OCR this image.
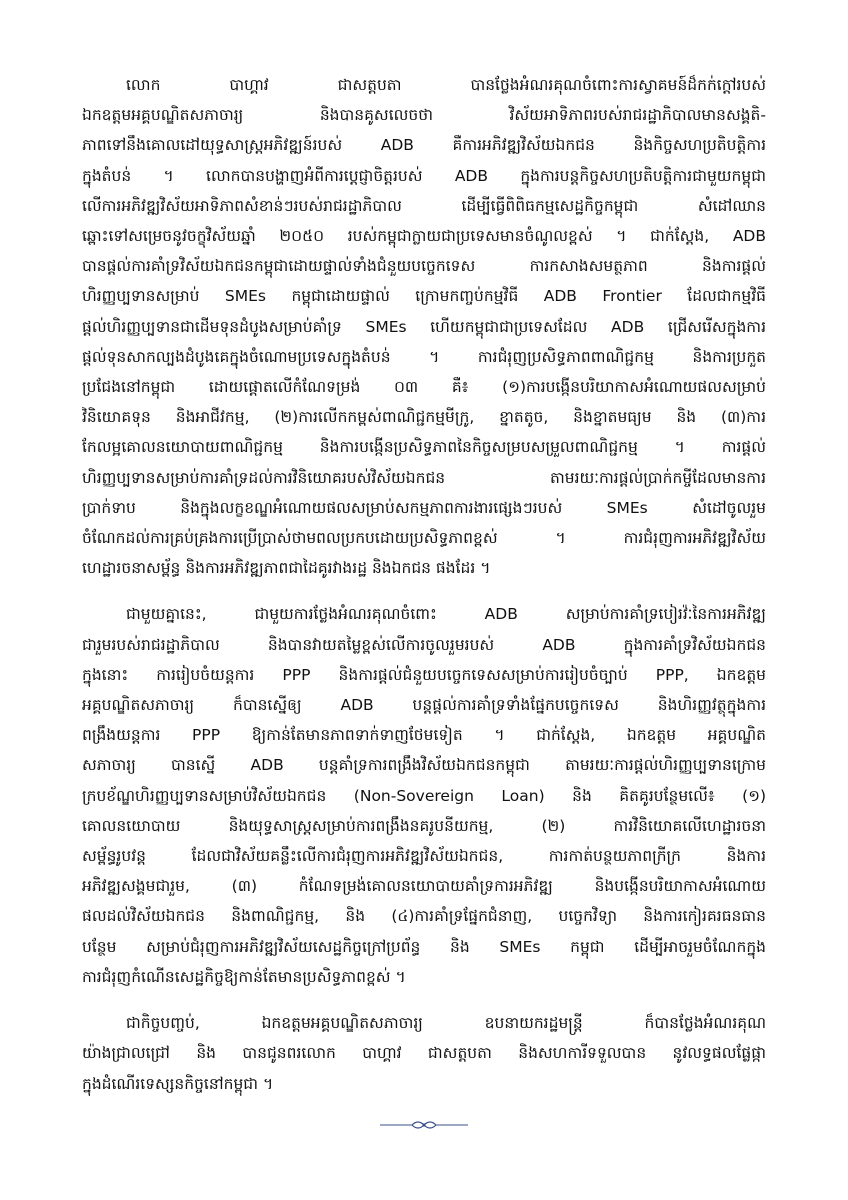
លោក បាហ្គាវ ជាសត្តបតា បានថ្លែងអំណរគុណចំពោះការស្វាគមន៍ដ៏កក់ក្តៅរបស់
ឯកឧត្តមអគ្គបណ្ឌិតសភាចារ្យ និងបានគូសលេចថា វិស័យអាទិភាពរបស់រាជរដ្ឋាភិបាលមានសង្គតិ-
ភាពទៅនឹងគោលដៅយុទ្ធសាស្ត្រអភិវឌ្ឍន៍របស់ ADB គឺការអភិវឌ្ឍវិស័យឯកជន និងកិច្ចសហប្រតិបត្តិការ
ក្នុងតំបន់ ។ លោកបានបង្ហាញអំពីការប្តេជ្ញាចិត្តរបស់ ADB ក្នុងការបន្តកិច្ចសហប្រតិបត្តិការជាមួយកម្ពុជា
លើការអភិវឌ្ឍវិស័យអាទិភាពសំខាន់ៗរបស់រាជរដ្ឋាភិបាល ដើម្បីធ្វើពិពិធកម្មសេដ្ឋកិច្ចកម្ពុជា សំដៅឈាន
ឆ្ពោះទៅសម្រេចនូវចក្ខុវិស័យឆ្នាំ ២០៥០ របស់កម្ពុជាក្លាយជាប្រទេសមានចំណូលខ្ពស់ ។ ជាក់ស្តែង, ADB
បានផ្តល់ការគាំទ្រវិស័យឯកជនកម្ពុជាដោយផ្ទាល់ទាំងជំនួយបច្ចេកទេស ការកសាងសមត្ថភាព និងការផ្តល់
ហិរញ្ញប្បទានសម្រាប់ SMEs កម្ពុជាដោយផ្ទាល់ ក្រោមកញ្ចប់កម្មវិធី ADB Frontier ដែលជាកម្មវិធី
ផ្តល់ហិរញ្ញប្បទានជាដើមទុនដំបូងសម្រាប់គាំទ្រ SMEs ហើយកម្ពុជាជាប្រទេសដែល ADB ជ្រើសរើសក្នុងការ
ផ្តល់ទុនសាកល្បងដំបូងគេក្នុងចំណោមប្រទេសក្នុងតំបន់ ។ ការជំរុញប្រសិទ្ធភាពពាណិជ្ជកម្ម និងការប្រកួត
ប្រជែងនៅកម្ពុជា ដោយផ្តោតលើកំណែទម្រង់ ០៣ គឺ៖ (១)ការបង្កើនបរិយាកាសអំណោយផលសម្រាប់
វិនិយោគទុន និងអាជីវកម្ម, (២)ការលើកកម្ពស់ពាណិជ្ជកម្មមីក្រូ, ខ្នាតតូច, និងខ្នាតមធ្យម និង (៣)ការ
កែលម្អគោលនយោបាយពាណិជ្ជកម្ម និងការបង្កើនប្រសិទ្ធភាពនៃកិច្ចសម្របសម្រួលពាណិជ្ជកម្ម ។ ការផ្តល់
ហិរញ្ញប្បទានសម្រាប់ការគាំទ្រដល់ការវិនិយោគរបស់វិស័យឯកជន តាមរយៈការផ្តល់ប្រាក់កម្ចីដែលមានការ
ប្រាក់ទាប និងក្នុងលក្ខខណ្ឌអំណោយផលសម្រាប់សកម្មភាពការងារផ្សេងៗរបស់ SMEs សំដៅចូលរួម
ចំណែកដល់ការគ្រប់គ្រងការប្រើប្រាស់ថាមពលប្រកបដោយប្រសិទ្ធភាពខ្ពស់ ។ ការជំរុញការអភិវឌ្ឍវិស័យ
ហេដ្ឋារចនាសម្ព័ន្ធ និងការអភិវឌ្ឍភាពជាដៃគូរវាងរដ្ឋ និងឯកជន ផងដែរ ។
ជាមួយគ្នានេះ, ជាមួយការថ្លែងអំណរគុណចំពោះ ADB សម្រាប់ការគាំទ្របៀរវ៉ៈនៃការអភិវឌ្ឍ
ជារួមរបស់រាជរដ្ឋាភិបាល និងបានវាយតម្លៃខ្ពស់លើការចូលរួមរបស់ ADB ក្នុងការគាំទ្រវិស័យឯកជន
ក្នុងនោះ ការរៀបចំយន្តការ PPP និងការផ្តល់ជំនួយបច្ចេកទេសសម្រាប់ការរៀបចំច្បាប់ PPP, ឯកឧត្តម
អគ្គបណ្ឌិតសភាចារ្យ ក៏បានស្នើឲ្យ ADB បន្តផ្តល់ការគាំទ្រទាំងផ្នែកបច្ចេកទេស និងហិរញ្ញវត្ថុក្នុងការ
ពង្រឹងយន្តការ PPP ឱ្យកាន់តែមានភាពទាក់ទាញថែមទៀត ។ ជាក់ស្តែង, ឯកឧត្តម អគ្គបណ្ឌិត
សភាចារ្យ បានស្នើ ADB បន្តគាំទ្រការពង្រឹងវិស័យឯកជនកម្ពុជា តាមរយៈការផ្តល់ហិរញ្ញប្បទានក្រោម
ក្របខ័ណ្ឌហិរញ្ញប្បទានសម្រាប់វិស័យឯកជន (Non-Sovereign Loan) និង គិតគូរបន្ថែមលើ៖ (១)
គោលនយោបាយ និងយុទ្ធសាស្ត្រសម្រាប់ការពង្រឹងនគរូបនីយកម្ម, (២) ការវិនិយោគលើហេដ្ឋារចនា
សម្ព័ន្ធរូបវន្ត ដែលជាវិស័យគន្លឹះលើការជំរុញការអភិវឌ្ឍវិស័យឯកជន, ការកាត់បន្ថយភាពក្រីក្រ និងការ
អភិវឌ្ឍសង្គមជារួម, (៣) កំណែទម្រង់គោលនយោបាយគាំទ្រការអភិវឌ្ឍ និងបង្កើនបរិយាកាសអំណោយ
ផលដល់វិស័យឯកជន និងពាណិជ្ជកម្ម, និង (៤)ការគាំទ្រផ្នែកជំនាញ, បច្ចេកវិទ្យា និងការកៀរគរធនធាន
បន្ថែម សម្រាប់ជំរុញការអភិវឌ្ឍវិស័យសេដ្ឋកិច្ចក្រៅប្រព័ន្ធ និង SMEs កម្ពុជា ដើម្បីអាចរួមចំណែកក្នុង
ការជំរុញកំណើនសេដ្ឋកិច្ចឱ្យកាន់តែមានប្រសិទ្ធភាពខ្ពស់ ។
ជាកិច្ចបញ្ចប់, ឯកឧត្តមអគ្គបណ្ឌិតសភាចារ្យ ឧបនាយករដ្ឋមន្ត្រី ក៏បានថ្លែងអំណរគុណ
យ៉ាងជ្រាលជ្រៅ និង បានជូនពរលោក បាហ្គាវ ជាសត្តបតា និងសហការីទទួលបាន នូវលទ្ធផលផ្លែផ្កា
ក្នុងដំណើរទេស្សនកិច្ចនៅកម្ពុជា ។
